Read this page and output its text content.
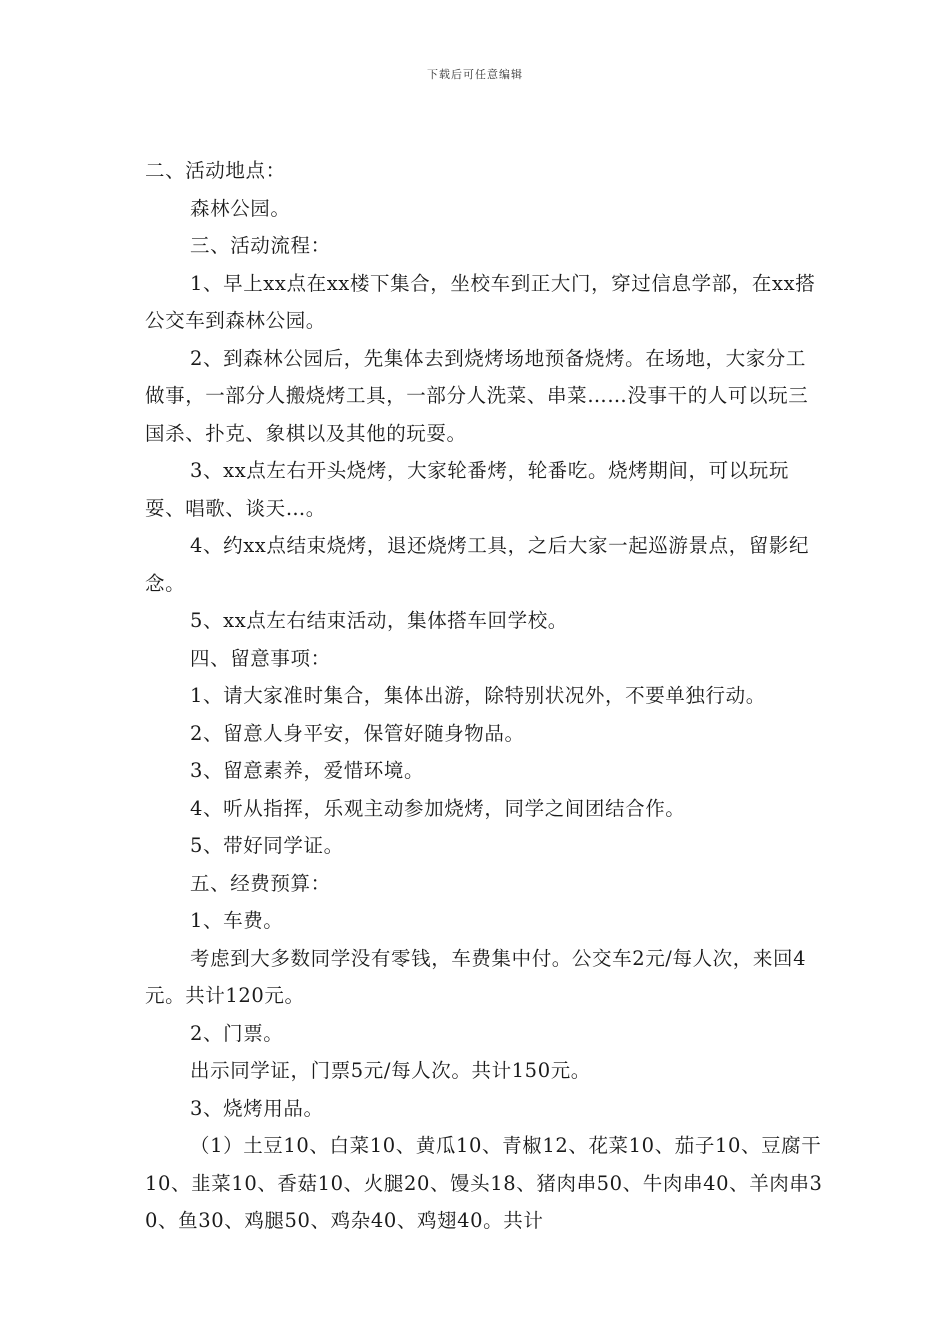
下载后可任意编辑

二、活动地点：

森林公园。

三、活动流程：

1、早上xx点在xx楼下集合，坐校车到正大门，穿过信息学部，在xx搭公交车到森林公园。

2、到森林公园后，先集体去到烧烤场地预备烧烤。在场地，大家分工做事，一部分人搬烧烤工具，一部分人洗菜、串菜……没事干的人可以玩三国杀、扑克、象棋以及其他的玩耍。

3、xx点左右开头烧烤，大家轮番烤，轮番吃。烧烤期间，可以玩玩耍、唱歌、谈天…。

4、约xx点结束烧烤，退还烧烤工具，之后大家一起巡游景点，留影纪念。

5、xx点左右结束活动，集体搭车回学校。

四、留意事项：

1、请大家准时集合，集体出游，除特别状况外，不要单独行动。

2、留意人身平安，保管好随身物品。

3、留意素养，爱惜环境。

4、听从指挥，乐观主动参加烧烤，同学之间团结合作。

5、带好同学证。

五、经费预算：

1、车费。

考虑到大多数同学没有零钱，车费集中付。公交车2元/每人次，来回4元。共计120元。

2、门票。

出示同学证，门票5元/每人次。共计150元。

3、烧烤用品。

（1）土豆10、白菜10、黄瓜10、青椒12、花菜10、茄子10、豆腐干10、韭菜10、香菇10、火腿20、馒头18、猪肉串50、牛肉串40、羊肉串30、鱼30、鸡腿50、鸡杂40、鸡翅40。共计
